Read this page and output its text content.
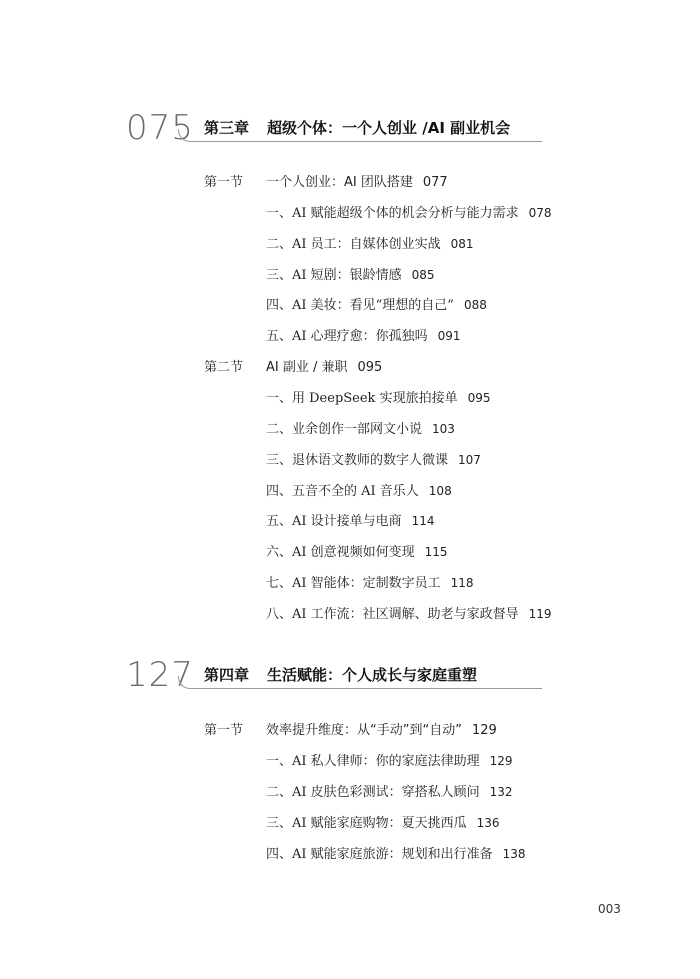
075 第三章 超级个体：一个人创业 /AI 副业机会
第一节 一个人创业：AI 团队搭建 077
一、AI 赋能超级个体的机会分析与能力需求 078
二、AI 员工：自媒体创业实战 081
三、AI 短剧：银龄情感 085
四、AI 美妆：看见“理想的自己” 088
五、AI 心理疗愈：你孤独吗 091
第二节 AI 副业 / 兼职 095
一、用 DeepSeek 实现旅拍接单 095
二、业余创作一部网文小说 103
三、退休语文教师的数字人微课 107
四、五音不全的 AI 音乐人 108
五、AI 设计接单与电商 114
六、AI 创意视频如何变现 115
七、AI 智能体：定制数字员工 118
八、AI 工作流：社区调解、助老与家政督导 119
127 第四章 生活赋能：个人成长与家庭重塑
第一节 效率提升维度：从“手动”到“自动” 129
一、AI 私人律师：你的家庭法律助理 129
二、AI 皮肤色彩测试：穿搭私人顾问 132
三、AI 赋能家庭购物：夏天挑西瓜 136
四、AI 赋能家庭旅游：规划和出行准备 138
003
